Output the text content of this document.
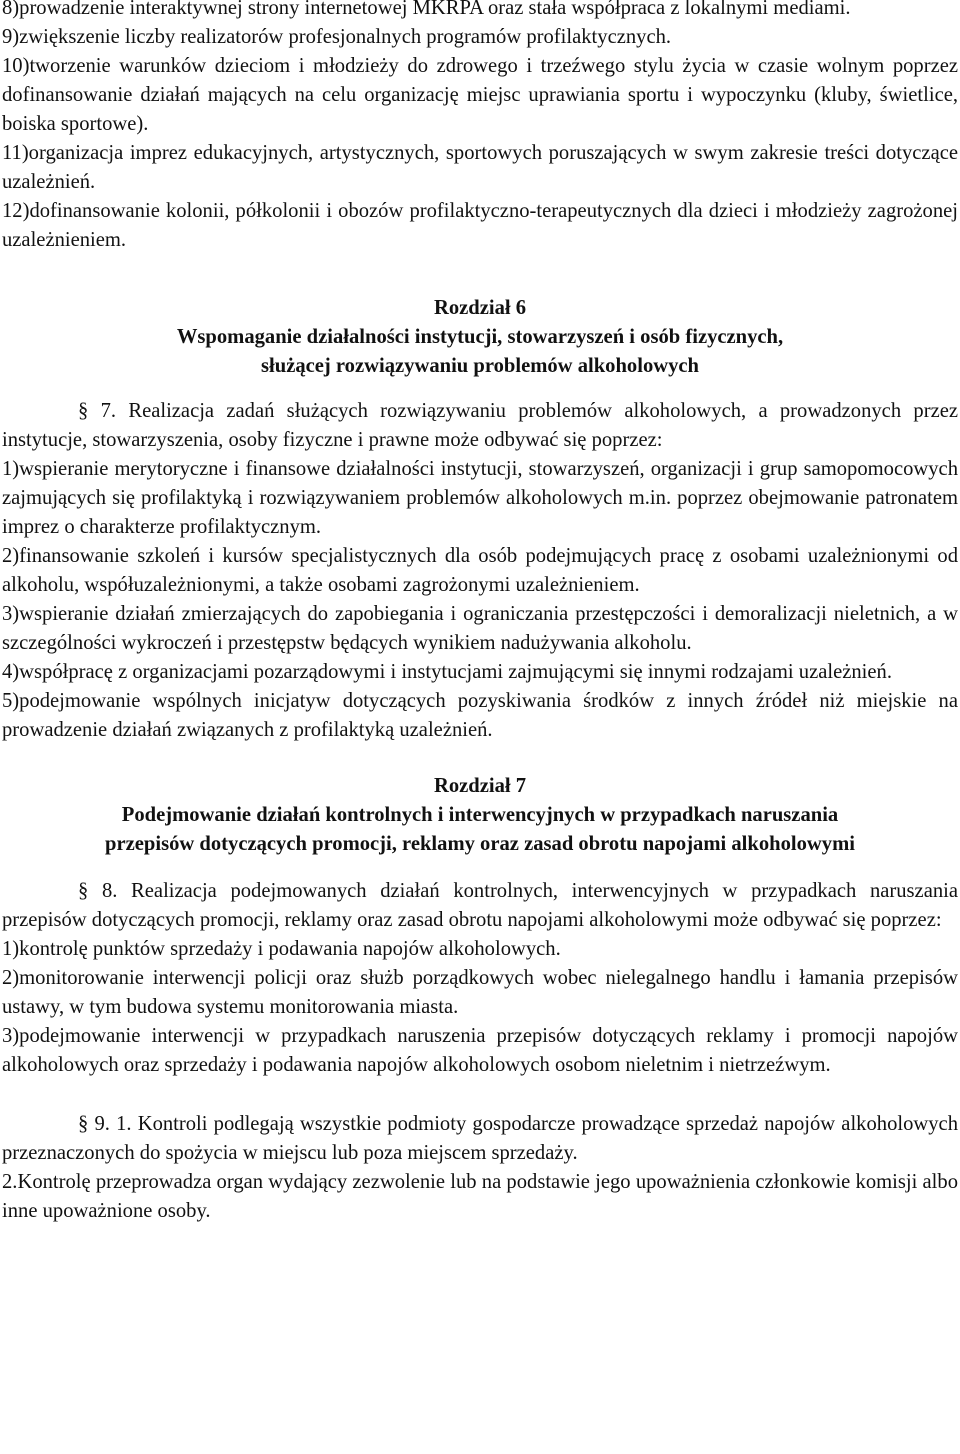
8)prowadzenie interaktywnej strony internetowej MKRPA oraz stała współpraca z lokalnymi mediami.

9)zwiększenie liczby realizatorów profesjonalnych programów profilaktycznych.

10)tworzenie warunków dzieciom i młodzieży do zdrowego i trzeźwego stylu życia w czasie wolnym poprzez dofinansowanie działań mających na celu organizację miejsc uprawiania sportu i wypoczynku (kluby, świetlice, boiska sportowe).

11)organizacja imprez edukacyjnych, artystycznych, sportowych poruszających w swym zakresie treści dotyczące uzależnień.

12)dofinansowanie kolonii, półkolonii i obozów profilaktyczno-terapeutycznych dla dzieci i młodzieży zagrożonej uzależnieniem.

Rozdział 6

Wspomaganie działalności instytucji, stowarzyszeń i osób fizycznych,

służącej rozwiązywaniu problemów alkoholowych

§ 7. Realizacja zadań służących rozwiązywaniu problemów alkoholowych, a prowadzonych przez instytucje, stowarzyszenia, osoby fizyczne i prawne może odbywać się poprzez:

1)wspieranie merytoryczne i finansowe działalności instytucji, stowarzyszeń, organizacji i grup samopomocowych zajmujących się profilaktyką i rozwiązywaniem problemów alkoholowych m.in. poprzez obejmowanie patronatem imprez o charakterze profilaktycznym.

2)finansowanie szkoleń i kursów specjalistycznych dla osób podejmujących pracę z osobami uzależnionymi od alkoholu, współuzależnionymi, a także osobami zagrożonymi uzależnieniem.

3)wspieranie działań zmierzających do zapobiegania i ograniczania przestępczości i demoralizacji nieletnich, a w szczególności wykroczeń i przestępstw będących wynikiem nadużywania alkoholu.

4)współpracę z organizacjami pozarządowymi i instytucjami zajmującymi się innymi rodzajami uzależnień.

5)podejmowanie wspólnych inicjatyw dotyczących pozyskiwania środków z innych źródeł niż miejskie na prowadzenie działań związanych z profilaktyką uzależnień.

Rozdział 7

Podejmowanie działań kontrolnych i interwencyjnych w przypadkach naruszania

przepisów dotyczących promocji, reklamy oraz zasad obrotu napojami alkoholowymi

§ 8. Realizacja podejmowanych działań kontrolnych, interwencyjnych w przypadkach naruszania przepisów dotyczących promocji, reklamy oraz zasad obrotu napojami alkoholowymi może odbywać się poprzez:

1)kontrolę punktów sprzedaży i podawania napojów alkoholowych.

2)monitorowanie interwencji policji oraz służb porządkowych wobec nielegalnego handlu i łamania przepisów ustawy, w tym budowa systemu monitorowania miasta.

3)podejmowanie interwencji w przypadkach naruszenia przepisów dotyczących reklamy i promocji napojów alkoholowych oraz sprzedaży i podawania napojów alkoholowych osobom nieletnim i nietrzeźwym.

§ 9. 1. Kontroli podlegają wszystkie podmioty gospodarcze prowadzące sprzedaż napojów alkoholowych przeznaczonych do spożycia w miejscu lub poza miejscem sprzedaży.

2.Kontrolę przeprowadza organ wydający zezwolenie lub na podstawie jego upoważnienia członkowie komisji albo inne upoważnione osoby.
